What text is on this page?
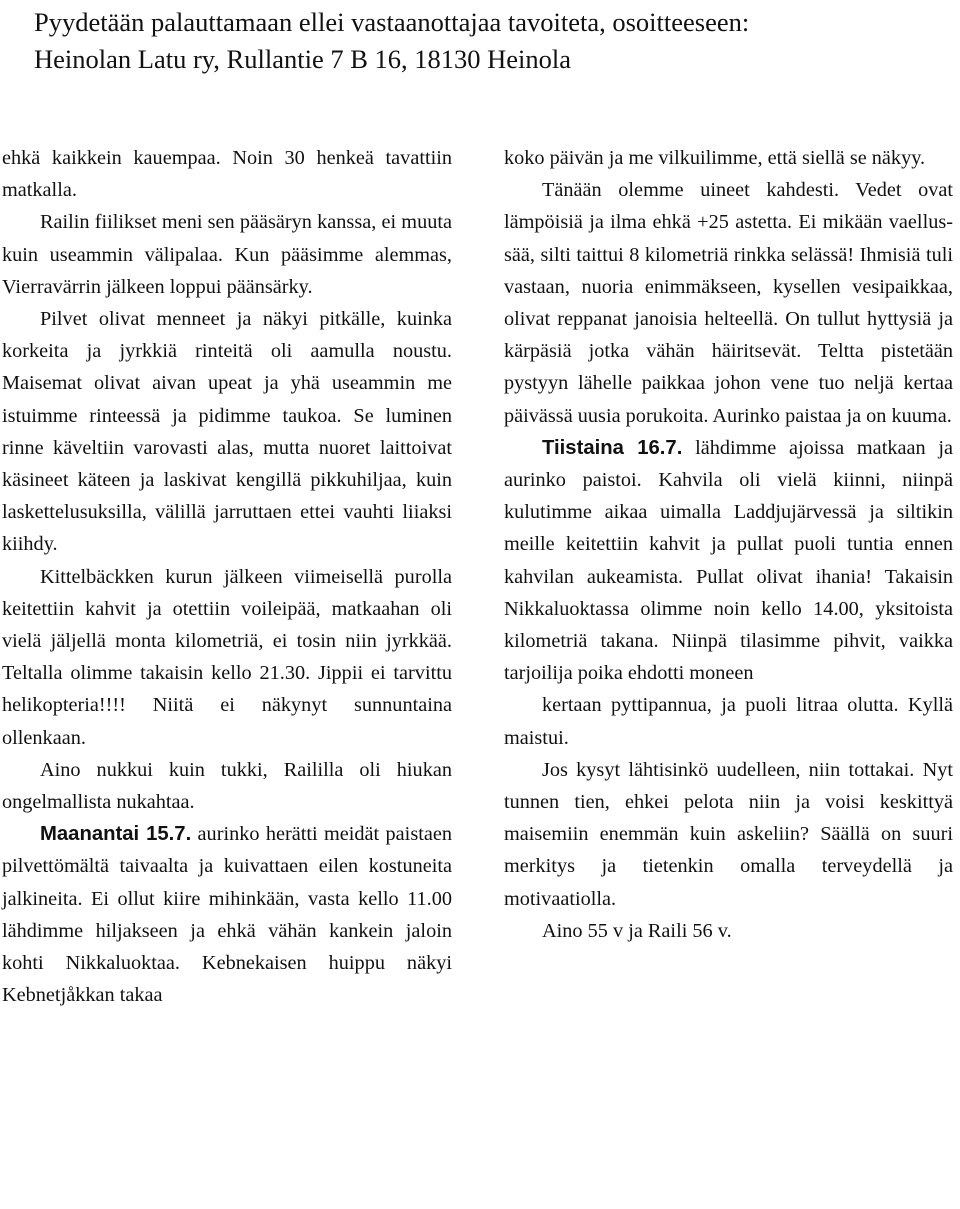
Pyydetään palauttamaan ellei vastaanottajaa tavoiteta, osoitteeseen:
Heinolan Latu ry, Rullantie 7 B 16, 18130 Heinola

ehkä kaikkein kauempaa. Noin 30 henkeä tavattiin matkalla.

Railin fiilikset meni sen pääsäryn kanssa, ei muuta kuin useammin välipalaa. Kun pääsimme alemmas, Vierravärrin jälkeen loppui päänsärky.

Pilvet olivat menneet ja näkyi pitkälle, kuinka korkeita ja jyrkkiä rinteitä oli aamulla noustu. Maisemat olivat aivan upeat ja yhä useammin me istuimme rinteessä ja pidimme taukoa. Se luminen rinne käveltiin varovasti alas, mutta nuoret laittoivat käsineet käteen ja laskivat kengillä pikkuhiljaa, kuin laskettelusuksilla, välillä jarruttaen ettei vauhti liiaksi kiihdy.

Kittelbäckken kurun jälkeen viimeisellä purolla keitettiin kahvit ja otettiin voileipää, matkaahan oli vielä jäljellä monta kilometriä, ei tosin niin jyrkkää. Teltalla olimme takaisin kello 21.30. Jippii ei tarvittu helikopteria!!!! Niitä ei näkynyt sunnuntaina ollenkaan.

Aino nukkui kuin tukki, Raililla oli hiukan ongelmallista nukahtaa.

Maanantai 15.7. aurinko herätti meidät paistaen pilvettömältä taivaalta ja kuivattaen eilen kostuneita jalkineita. Ei ollut kiire mihinkään, vasta kello 11.00 lähdimme hiljakseen ja ehkä vähän kankein jaloin kohti Nikkaluoktaa. Kebnekaisen huippu näkyi Kebnetjåkkan takaa

koko päivän ja me vilkuilimme, että siellä se näkyy.

Tänään olemme uineet kahdesti. Vedet ovat lämpöisiä ja ilma ehkä +25 astetta. Ei mikään vaellus-sää, silti taittui 8 kilometriä rinkka selässä! Ihmisiä tuli vastaan, nuoria enimmäkseen, kysellen vesipaikkaa, olivat reppanat janoisia helteellä. On tullut hyttysiä ja kärpäsiä jotka vähän häiritsevät. Teltta pistetään pystyyn lähelle paikkaa johon vene tuo neljä kertaa päivässä uusia porukoita. Aurinko paistaa ja on kuuma.

Tiistaina 16.7. lähdimme ajoissa matkaan ja aurinko paistoi. Kahvila oli vielä kiinni, niinpä kulutimme aikaa uimalla Laddjujärvessä ja siltikin meille keitettiin kahvit ja pullat puoli tuntia ennen kahvilan aukeamista. Pullat olivat ihania! Takaisin Nikkaluoktassa olimme noin kello 14.00, yksitoista kilometriä takana. Niinpä tilasimme pihvit, vaikka tarjoilija poika ehdotti moneen

kertaan pyttipannua, ja puoli litraa olutta. Kyllä maistui.

Jos kysyt lähtisinkö uudelleen, niin tottakai. Nyt tunnen tien, ehkei pelota niin ja voisi keskittyä maisemiin enemmän kuin askeliin? Säällä on suuri merkitys ja tietenkin omalla terveydellä ja motivaatiolla.

Aino 55 v ja Raili 56 v.
